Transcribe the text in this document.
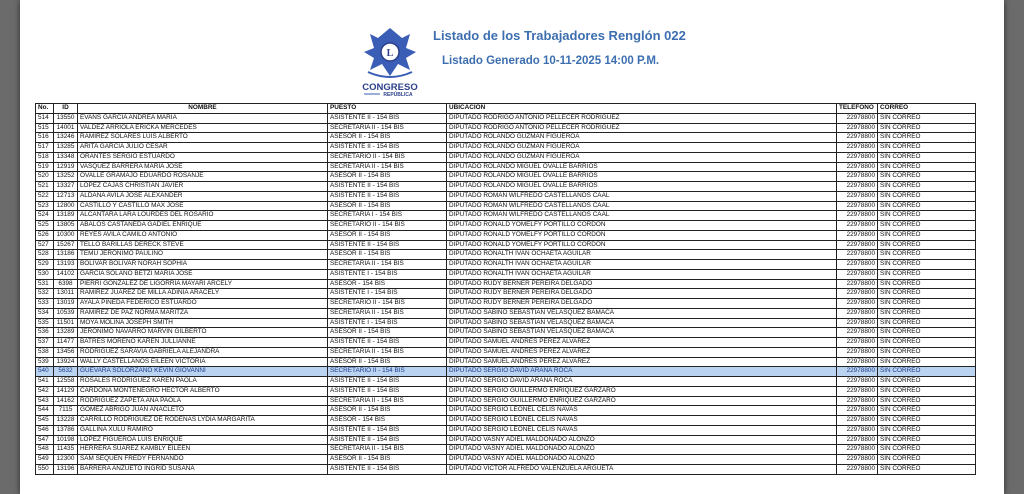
L
CONGRESO
REPÚBLICA
Listado de los Trabajadores Renglón 022
Listado Generado 10-11-2025 14:00 P.M.
No.	ID	NOMBRE	PUESTO	UBICACIÓN	TELEFONO	CORREO
514	13550	EVANS GARCIA ANDREA MARIA	ASISTENTE II - 154 BIS	DIPUTADO RODRIGO ANTONIO PELLECER RODRIGUEZ	22978800	SIN CORREO
515	14001	VALDEZ ARRIOLA ERICKA MERCEDES	SECRETARIA II - 154 BIS	DIPUTADO RODRIGO ANTONIO PELLECER RODRIGUEZ	22978800	SIN CORREO
516	13246	RAMIREZ SOLARES LUIS ALBERTO	ASESOR II - 154 BIS	DIPUTADO ROLANDO GUZMAN FIGUEROA	22978800	SIN CORREO
517	13285	ARITA GARCIA JULIO CESAR	ASISTENTE II - 154 BIS	DIPUTADO ROLANDO GUZMAN FIGUEROA	22978800	SIN CORREO
518	13348	ORANTES SERGIO ESTUARDO	SECRETARIO II - 154 BIS	DIPUTADO ROLANDO GUZMAN FIGUEROA	22978800	SIN CORREO
519	12919	VASQUEZ BARRERA MARIA JOSE	SECRETARIA II - 154 BIS	DIPUTADO ROLANDO MIGUEL OVALLE BARRIOS	22978800	SIN CORREO
520	13252	OVALLE GRAMAJO EDUARDO ROSANJE	ASESOR II - 154 BIS	DIPUTADO ROLANDO MIGUEL OVALLE BARRIOS	22978800	SIN CORREO
521	13327	LOPEZ CAJAS CHRISTIAN JAVIER	ASISTENTE II - 154 BIS	DIPUTADO ROLANDO MIGUEL OVALLE BARRIOS	22978800	SIN CORREO
522	12713	ALDANA AVILA JOSE ALEXANDER	ASISTENTE II - 154 BIS	DIPUTADO ROMAN WILFREDO CASTELLANOS CAAL	22978800	SIN CORREO
523	12800	CASTILLO Y CASTILLO MAX JOSE	ASESOR II - 154 BIS	DIPUTADO ROMAN WILFREDO CASTELLANOS CAAL	22978800	SIN CORREO
524	13189	ALCANTARA LARA LOURDES DEL ROSARIO	SECRETARIA I - 154 BIS	DIPUTADO ROMAN WILFREDO CASTELLANOS CAAL	22978800	SIN CORREO
525	13805	ABALOS CASTAÑEDA GADIEL ENRIQUE	SECRETARIO II - 154 BIS	DIPUTADO RONALD YOMELFY PORTILLO CORDON	22978800	SIN CORREO
526	10300	REYES AVILA CAMILO ANTONIO	ASESOR II - 154 BIS	DIPUTADO RONALD YOMELFY PORTILLO CORDON	22978800	SIN CORREO
527	15267	TELLO BARILLAS DERECK STEVE	ASISTENTE II - 154 BIS	DIPUTADO RONALD YOMELFY PORTILLO CORDON	22978800	SIN CORREO
528	13186	TEMU JERONIMO PAULINO	ASESOR II - 154 BIS	DIPUTADO RONALTH IVAN OCHAETA AGUILAR	22978800	SIN CORREO
529	13193	BOLIVAR BOLIVAR NORAH SOPHIA	SECRETARIA II - 154 BIS	DIPUTADO RONALTH IVAN OCHAETA AGUILAR	22978800	SIN CORREO
530	14102	GARCIA SOLANO BETZI MARIA JOSE	ASISTENTE I - 154 BIS	DIPUTADO RONALTH IVAN OCHAETA AGUILAR	22978800	SIN CORREO
531	6398	PIERRI GONZALEZ DE LIGORRIA MAYARI ARCELY	ASESOR - 154 BIS	DIPUTADO RUDY BERNER PEREIRA DELGADO	22978800	SIN CORREO
532	13011	RAMIREZ JUAREZ DE MILLA ADINIA ARACELY	ASISTENTE I - 154 BIS	DIPUTADO RUDY BERNER PEREIRA DELGADO	22978800	SIN CORREO
533	13019	AYALA PINEDA FEDERICO ESTUARDO	SECRETARIO II - 154 BIS	DIPUTADO RUDY BERNER PEREIRA DELGADO	22978800	SIN CORREO
534	10539	RAMIREZ DE PAZ NORMA MARITZA	SECRETARIA II - 154 BIS	DIPUTADO SABINO SEBASTIAN VELASQUEZ BAMACA	22978800	SIN CORREO
535	11501	MOYA MOLINA JOSEPH SMITH	ASISTENTE I - 154 BIS	DIPUTADO SABINO SEBASTIAN VELASQUEZ BAMACA	22978800	SIN CORREO
536	13289	JERONIMO NAVARRO MARVIN GILBERTO	ASESOR II - 154 BIS	DIPUTADO SABINO SEBASTIAN VELASQUEZ BAMACA	22978800	SIN CORREO
537	11477	BATRES MORENO KAREN JULLIANNE	ASISTENTE II - 154 BIS	DIPUTADO SAMUEL ANDRES PEREZ ALVAREZ	22978800	SIN CORREO
538	13456	RODRIGUEZ SARAVIA GABRIELA ALEJANDRA	SECRETARIA II - 154 BIS	DIPUTADO SAMUEL ANDRES PEREZ ALVAREZ	22978800	SIN CORREO
539	13924	WALLY CASTELLANOS EILEEN VICTORIA	ASESOR II - 154 BIS	DIPUTADO SAMUEL ANDRES PEREZ ALVAREZ	22978800	SIN CORREO
540	5632	GUEVARA SOLORZANO KEVIN GIOVANNI	SECRETARIO II - 154 BIS	DIPUTADO SERGIO DAVID ARANA ROCA	22978800	SIN CORREO
541	12558	ROSALES RODRIGUEZ KAREN PAOLA	ASISTENTE II - 154 BIS	DIPUTADO SERGIO DAVID ARANA ROCA	22978800	SIN CORREO
542	14129	CARDONA MONTENEGRO HECTOR ALBERTO	ASISTENTE II - 154 BIS	DIPUTADO SERGIO GUILLERMO ENRIQUEZ GARZARO	22978800	SIN CORREO
543	14162	RODRIGUEZ ZAPETA ANA PAOLA	SECRETARIA II - 154 BIS	DIPUTADO SERGIO GUILLERMO ENRIQUEZ GARZARO	22978800	SIN CORREO
544	7115	GOMEZ ABRIGO JUAN ANACLETO	ASESOR II - 154 BIS	DIPUTADO SERGIO LEONEL CELIS NAVAS	22978800	SIN CORREO
545	13228	CARRILLO RODRIGUEZ DE RODENAS LYDIA MARGARITA	ASESOR - 154 BIS	DIPUTADO SERGIO LEONEL CELIS NAVAS	22978800	SIN CORREO
546	13786	GALLINA XULU RAMIRO	ASISTENTE II - 154 BIS	DIPUTADO SERGIO LEONEL CELIS NAVAS	22978800	SIN CORREO
547	10198	LOPEZ FIGUEROA LUIS ENRIQUE	ASISTENTE II - 154 BIS	DIPUTADO VASNY ADIEL MALDONADO ALONZO	22978800	SIN CORREO
548	11435	HERRERA SUAREZ KAMBLY EILEEN	SECRETARIA II - 154 BIS	DIPUTADO VASNY ADIEL MALDONADO ALONZO	22978800	SIN CORREO
549	12300	SAM SEQUEN FREDY FERNANDO	ASESOR II - 154 BIS	DIPUTADO VASNY ADIEL MALDONADO ALONZO	22978800	SIN CORREO
550	13196	BARRERA ANZUETO INGRID SUSANA	ASISTENTE II - 154 BIS	DIPUTADO VICTOR ALFREDO VALENZUELA ARGUETA	22978800	SIN CORREO
